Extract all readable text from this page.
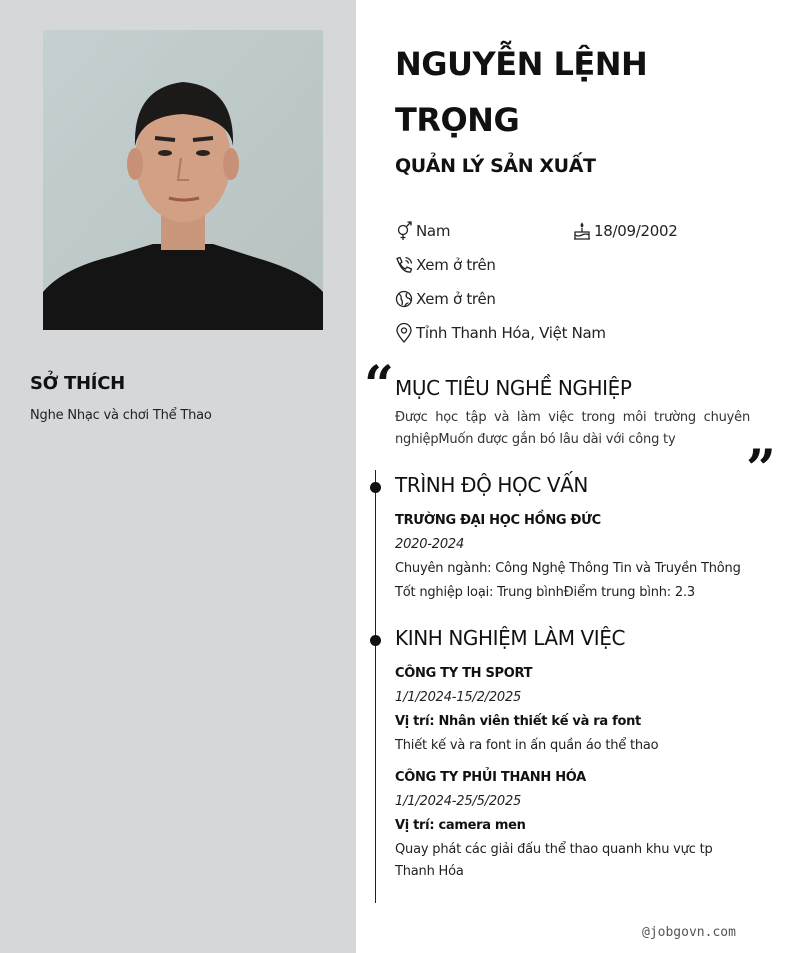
SỞ THÍCH
Nghe Nhạc và chơi Thể Thao
NGUYỄN LỆNH TRỌNG
QUẢN LÝ SẢN XUẤT
Nam	18/09/2002
Xem ở trên
Xem ở trên
Tỉnh Thanh Hóa, Việt Nam
“ MỤC TIÊU NGHỀ NGHIỆP
Được học tập và làm việc trong môi trường chuyên nghiệpMuốn được gắn bó lâu dài với công ty	”
TRÌNH ĐỘ HỌC VẤN
TRƯỜNG ĐẠI HỌC HỒNG ĐỨC
2020-2024
Chuyên ngành: Công Nghệ Thông Tin và Truyền Thông
Tốt nghiệp loại: Trung bìnhĐiểm trung bình: 2.3
KINH NGHIỆM LÀM VIỆC
CÔNG TY TH SPORT
1/1/2024-15/2/2025
Vị trí: Nhân viên thiết kế và ra font
Thiết kế và ra font in ấn quần áo thể thao
CÔNG TY PHỦI THANH HÓA
1/1/2024-25/5/2025
Vị trí: camera men
Quay phát các giải đấu thể thao quanh khu vực tp Thanh Hóa
@jobgovn.com
